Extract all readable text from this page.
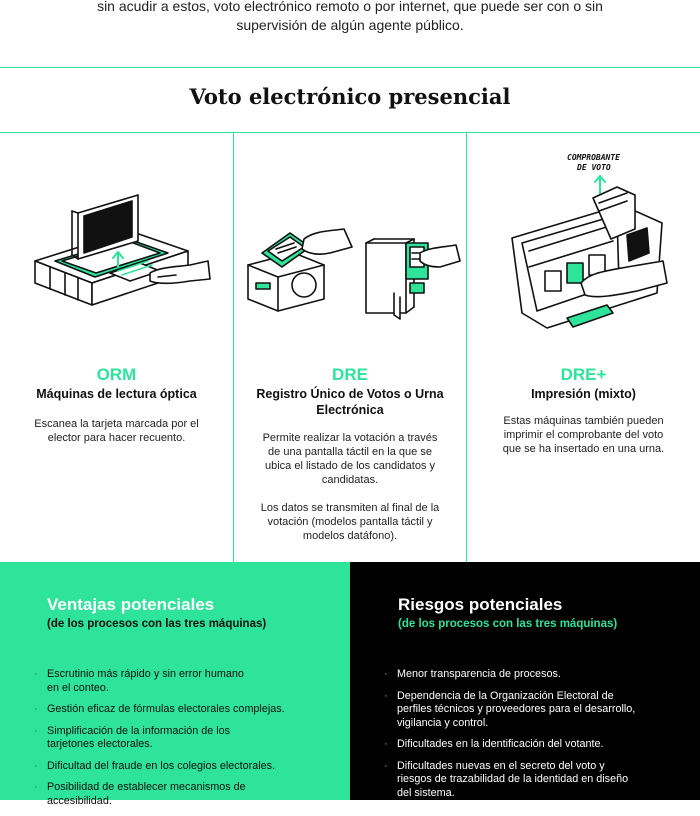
sin acudir a estos, voto electrónico remoto o por internet, que puede ser con o sin

supervisión de algún agente público.

Voto electrónico presencial
ORM
Máquinas de lectura óptica
Escanea la tarjeta marcada por el
elector para hacer recuento.
DRE
Registro Único de Votos o Urna
Electrónica
Permite realizar la votación a través
de una pantalla táctil en la que se
ubica el listado de los candidatos y
candidatas.
Los datos se transmiten al final de la
votación (modelos pantalla táctil y
modelos datáfono).
COMPROBANTE
DE VOTO
DRE+
Impresión (mixto)
Estas máquinas también pueden
imprimir el comprobante del voto
que se ha insertado en una urna.
Ventajas potenciales
(de los procesos con las tres máquinas)
· Escrutinio más rápido y sin error humano
en el conteo.
· Gestión eficaz de fórmulas electorales complejas.
· Simplificación de la información de los
tarjetones electorales.
· Dificultad del fraude en los colegios electorales.
· Posibilidad de establecer mecanismos de
accesibilidad.
Riesgos potenciales
(de los procesos con las tres máquinas)
· Menor transparencia de procesos.
· Dependencia de la Organización Electoral de
perfiles técnicos y proveedores para el desarrollo,
vigilancia y control.
· Dificultades en la identificación del votante.
· Dificultades nuevas en el secreto del voto y
riesgos de trazabilidad de la identidad en diseño
del sistema.
